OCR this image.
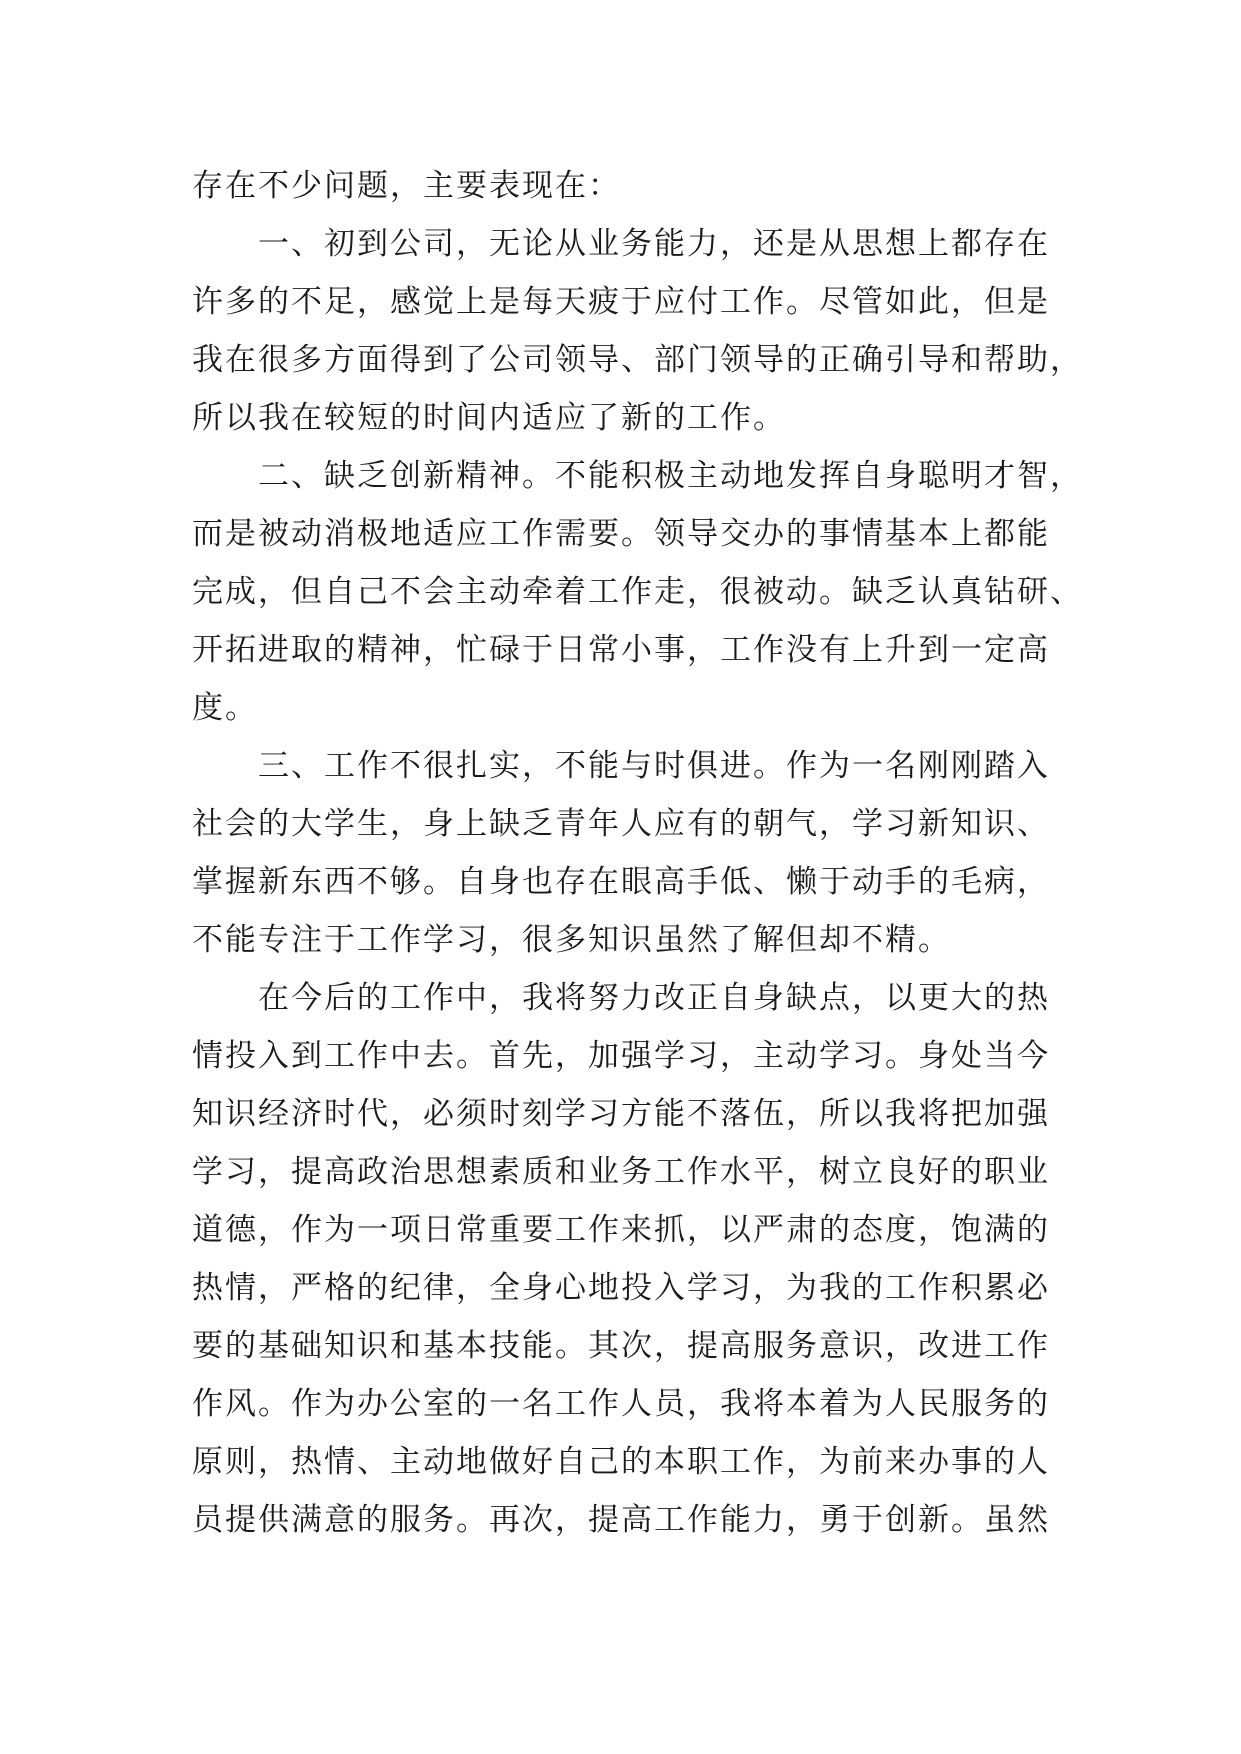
存在不少问题，主要表现在：
　　一、初到公司，无论从业务能力，还是从思想上都存在
许多的不足，感觉上是每天疲于应付工作。尽管如此，但是
我在很多方面得到了公司领导、部门领导的正确引导和帮助，
所以我在较短的时间内适应了新的工作。
　　二、缺乏创新精神。不能积极主动地发挥自身聪明才智，
而是被动消极地适应工作需要。领导交办的事情基本上都能
完成，但自己不会主动牵着工作走，很被动。缺乏认真钻研、
开拓进取的精神，忙碌于日常小事，工作没有上升到一定高
度。
　　三、工作不很扎实，不能与时俱进。作为一名刚刚踏入
社会的大学生，身上缺乏青年人应有的朝气，学习新知识、
掌握新东西不够。自身也存在眼高手低、懒于动手的毛病，
不能专注于工作学习，很多知识虽然了解但却不精。
　　在今后的工作中，我将努力改正自身缺点，以更大的热
情投入到工作中去。首先，加强学习，主动学习。身处当今
知识经济时代，必须时刻学习方能不落伍，所以我将把加强
学习，提高政治思想素质和业务工作水平，树立良好的职业
道德，作为一项日常重要工作来抓，以严肃的态度，饱满的
热情，严格的纪律，全身心地投入学习，为我的工作积累必
要的基础知识和基本技能。其次，提高服务意识，改进工作
作风。作为办公室的一名工作人员，我将本着为人民服务的
原则，热情、主动地做好自己的本职工作，为前来办事的人
员提供满意的服务。再次，提高工作能力，勇于创新。虽然
